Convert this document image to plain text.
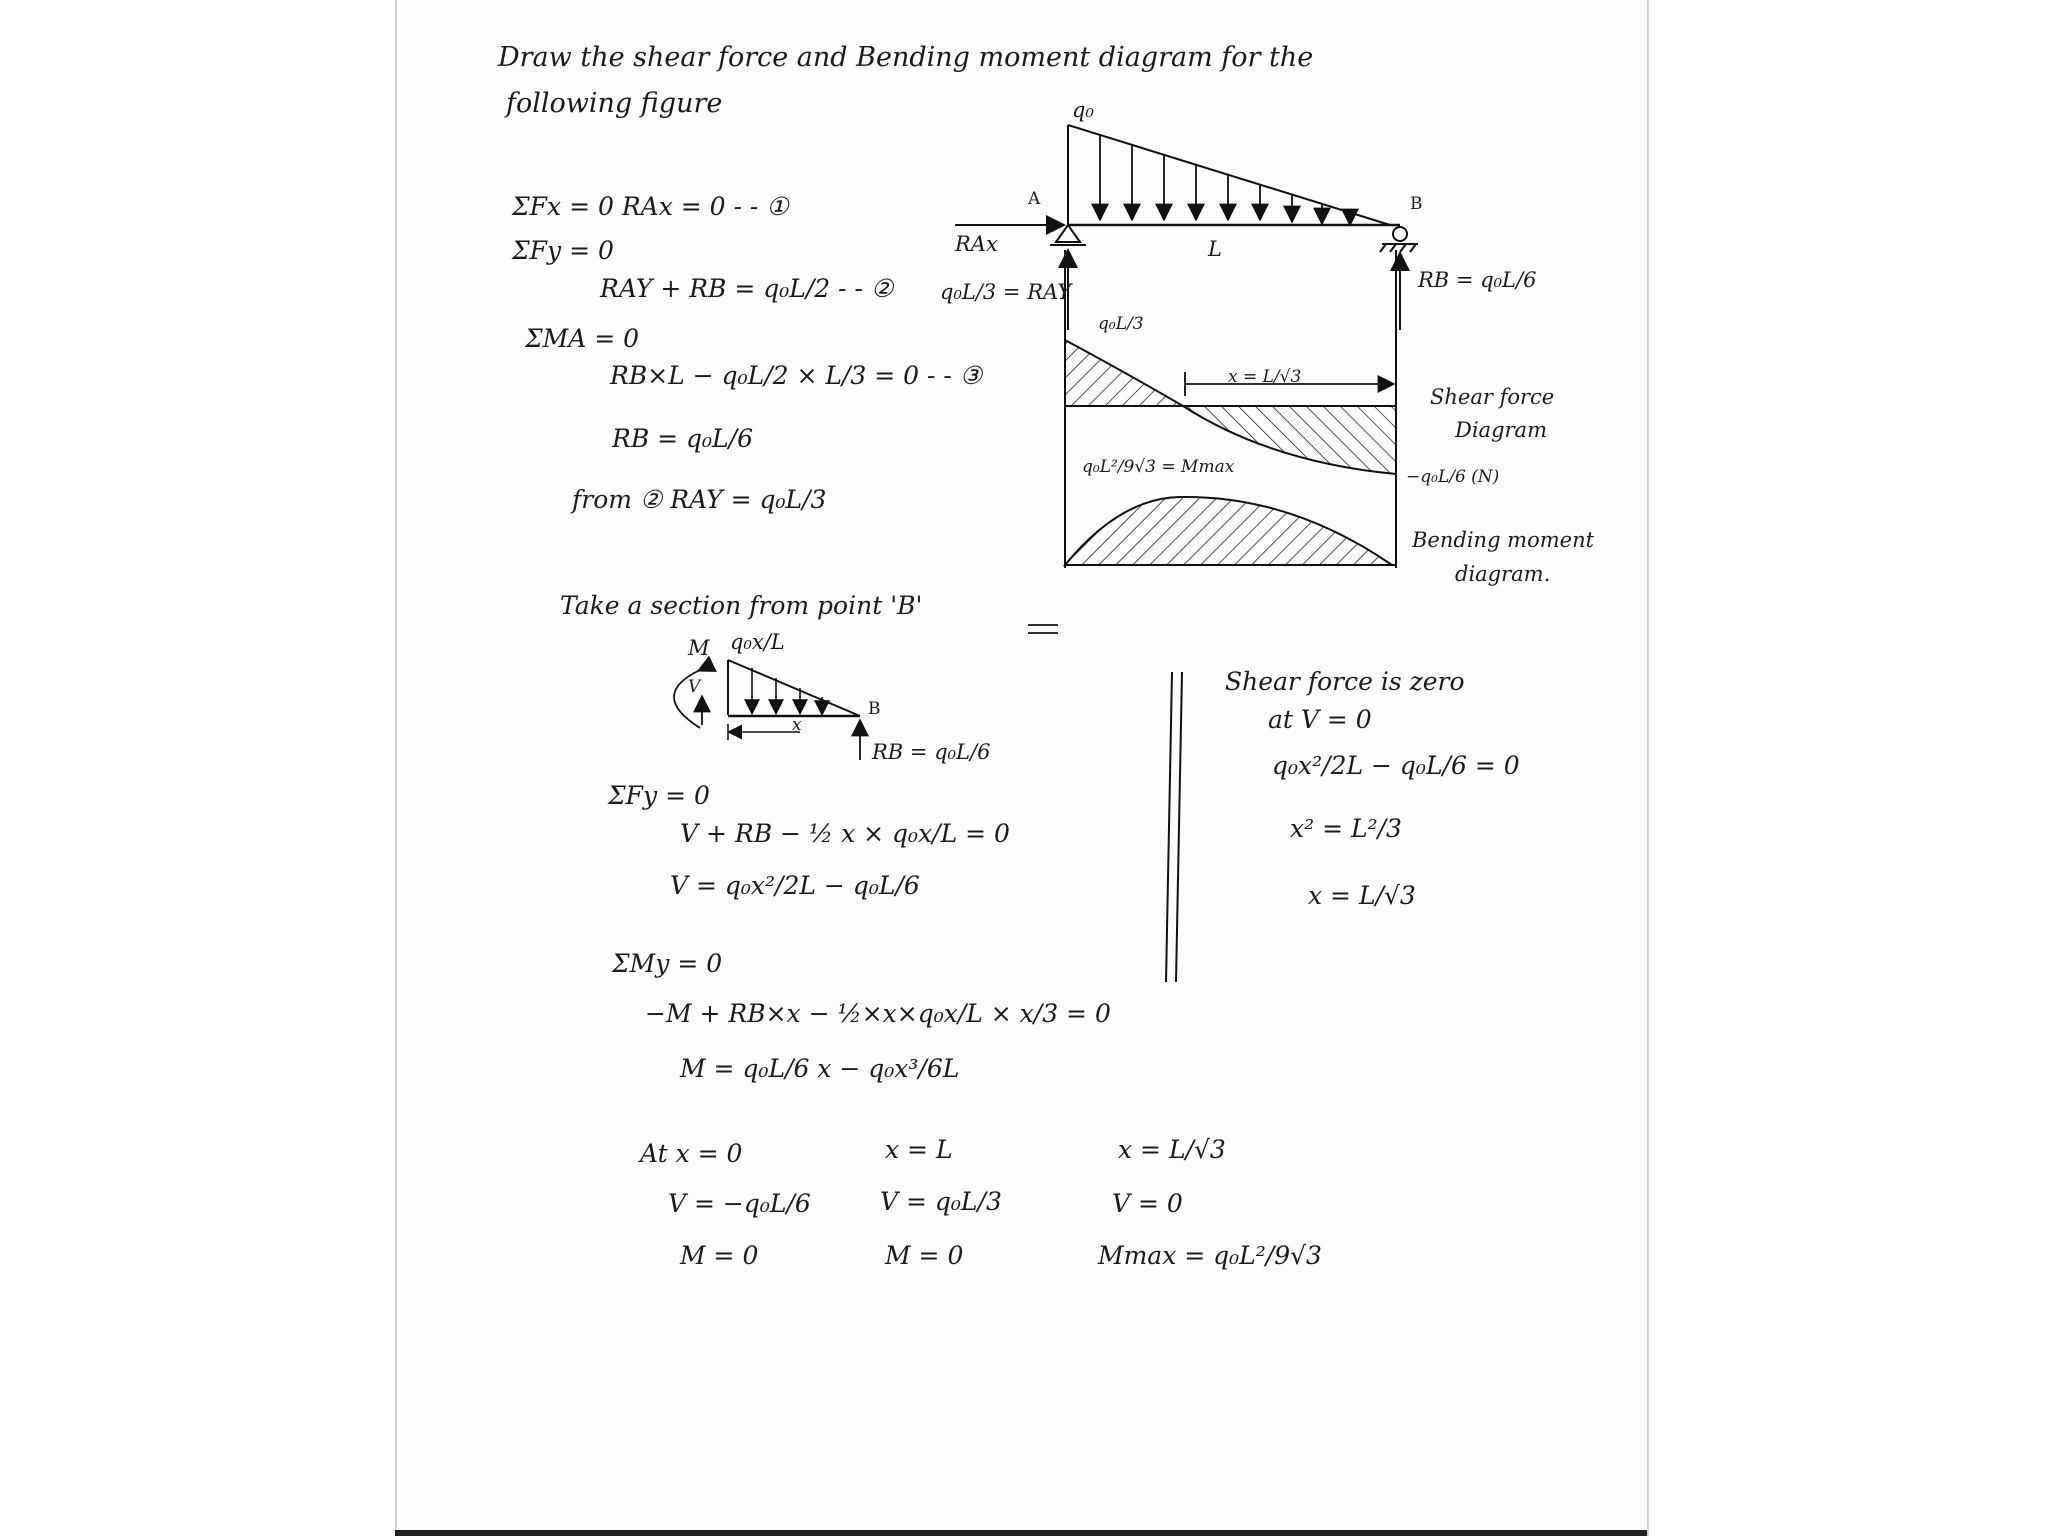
Draw the shear force and Bending moment diagram for the
following figure
ΣFx = 0 RAx = 0 - - ①
ΣFy = 0
RAY + RB = q₀L/2 - - ② q₀L/3 = RAY
ΣMA = 0
RB×L − q₀L/2 × L/3 = 0 - - ③
RB = q₀L/6
from ② RAY = q₀L/3
q₀
A	B
RAx	L
RB = q₀L/6
q₀L/3
x = L/√3
Shear force
Diagram
−q₀L/6 (N)
q₀L²/9√3 = Mmax
Bending moment
diagram.
Take a section from point 'B'
M q₀x/L
V
B
x
RB = q₀L/6
ΣFy = 0
V + RB − ½ x × q₀x/L = 0
V = q₀x²/2L − q₀L/6
ΣMy = 0
−M + RB×x − ½×x×q₀x/L × x/3 = 0
M = q₀L/6 x − q₀x³/6L
Shear force is zero
at V = 0
q₀x²/2L − q₀L/6 = 0
x² = L²/3
x = L/√3
At x = 0
V = −q₀L/6
M = 0
x = L
V = q₀L/3
M = 0
x = L/√3
V = 0
Mmax = q₀L²/9√3
